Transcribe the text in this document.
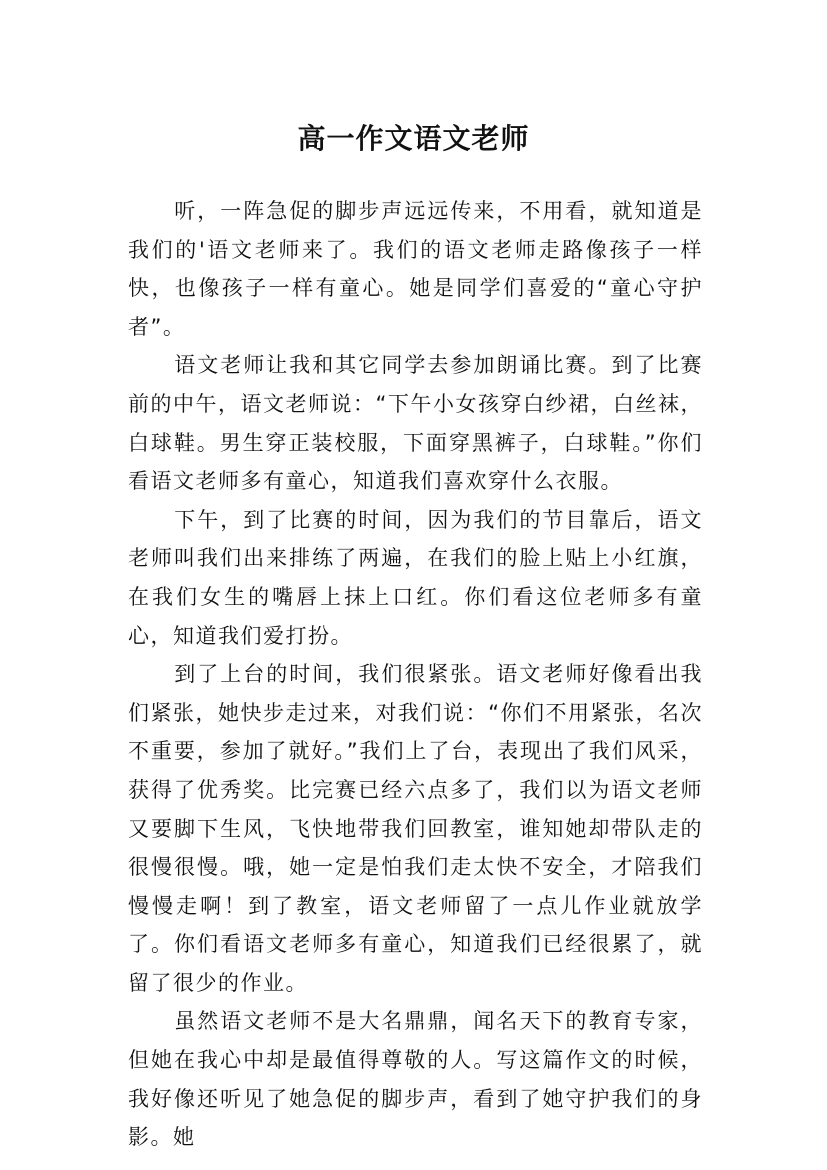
高一作文语文老师

听，一阵急促的脚步声远远传来，不用看，就知道是我们的'语文老师来了。我们的语文老师走路像孩子一样快，也像孩子一样有童心。她是同学们喜爱的“童心守护者”。

语文老师让我和其它同学去参加朗诵比赛。到了比赛前的中午，语文老师说：“下午小女孩穿白纱裙，白丝袜，白球鞋。男生穿正装校服，下面穿黑裤子，白球鞋。”你们看语文老师多有童心，知道我们喜欢穿什么衣服。

下午，到了比赛的时间，因为我们的节目靠后，语文老师叫我们出来排练了两遍，在我们的脸上贴上小红旗，在我们女生的嘴唇上抹上口红。你们看这位老师多有童心，知道我们爱打扮。

到了上台的时间，我们很紧张。语文老师好像看出我们紧张，她快步走过来，对我们说：“你们不用紧张，名次不重要，参加了就好。”我们上了台，表现出了我们风采，获得了优秀奖。比完赛已经六点多了，我们以为语文老师又要脚下生风，飞快地带我们回教室，谁知她却带队走的很慢很慢。哦，她一定是怕我们走太快不安全，才陪我们慢慢走啊！到了教室，语文老师留了一点儿作业就放学了。你们看语文老师多有童心，知道我们已经很累了，就留了很少的作业。

虽然语文老师不是大名鼎鼎，闻名天下的教育专家，但她在我心中却是最值得尊敬的人。写这篇作文的时候，我好像还听见了她急促的脚步声，看到了她守护我们的身影。她
